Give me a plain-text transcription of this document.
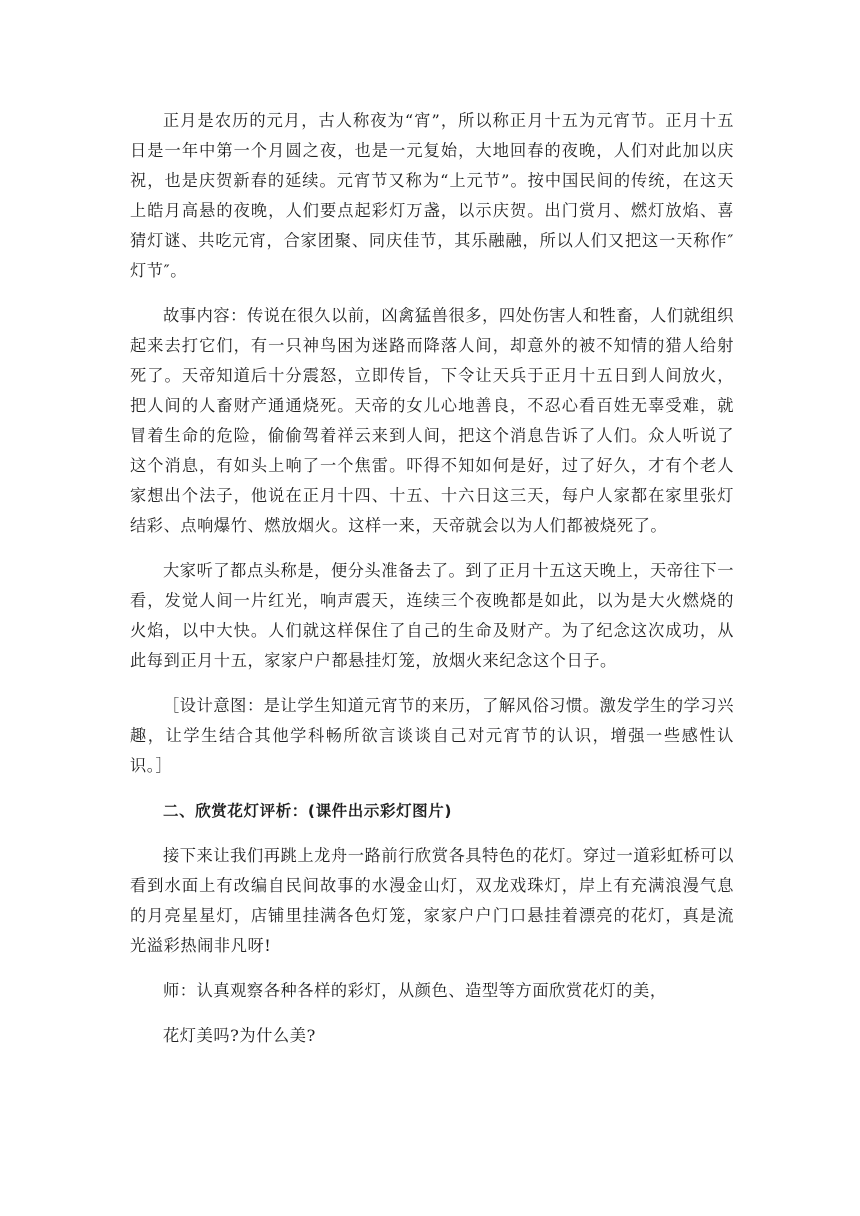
正月是农历的元月，古人称夜为“宵”，所以称正月十五为元宵节。正月十五日是一年中第一个月圆之夜，也是一元复始，大地回春的夜晚，人们对此加以庆祝，也是庆贺新春的延续。元宵节又称为“上元节”。按中国民间的传统，在这天上皓月高悬的夜晚，人们要点起彩灯万盏，以示庆贺。出门赏月、燃灯放焰、喜猜灯谜、共吃元宵，合家团聚、同庆佳节，其乐融融，所以人们又把这一天称作″灯节″。

故事内容：传说在很久以前，凶禽猛兽很多，四处伤害人和牲畜，人们就组织起来去打它们，有一只神鸟困为迷路而降落人间，却意外的被不知情的猎人给射死了。天帝知道后十分震怒，立即传旨，下令让天兵于正月十五日到人间放火，把人间的人畜财产通通烧死。天帝的女儿心地善良，不忍心看百姓无辜受难，就冒着生命的危险，偷偷驾着祥云来到人间，把这个消息告诉了人们。众人听说了这个消息，有如头上响了一个焦雷。吓得不知如何是好，过了好久，才有个老人家想出个法子，他说在正月十四、十五、十六日这三天，每户人家都在家里张灯结彩、点响爆竹、燃放烟火。这样一来，天帝就会以为人们都被烧死了。

大家听了都点头称是，便分头准备去了。到了正月十五这天晚上，天帝往下一看，发觉人间一片红光，响声震天，连续三个夜晚都是如此，以为是大火燃烧的火焰，以中大快。人们就这样保住了自己的生命及财产。为了纪念这次成功，从此每到正月十五，家家户户都悬挂灯笼，放烟火来纪念这个日子。

［设计意图：是让学生知道元宵节的来历，了解风俗习惯。激发学生的学习兴趣，让学生结合其他学科畅所欲言谈谈自己对元宵节的认识，增强一些感性认识。］

二、欣赏花灯评析：(课件出示彩灯图片)

接下来让我们再跳上龙舟一路前行欣赏各具特色的花灯。穿过一道彩虹桥可以看到水面上有改编自民间故事的水漫金山灯，双龙戏珠灯，岸上有充满浪漫气息的月亮星星灯，店铺里挂满各色灯笼，家家户户门口悬挂着漂亮的花灯，真是流光溢彩热闹非凡呀!

师：认真观察各种各样的彩灯，从颜色、造型等方面欣赏花灯的美，

花灯美吗?为什么美?
